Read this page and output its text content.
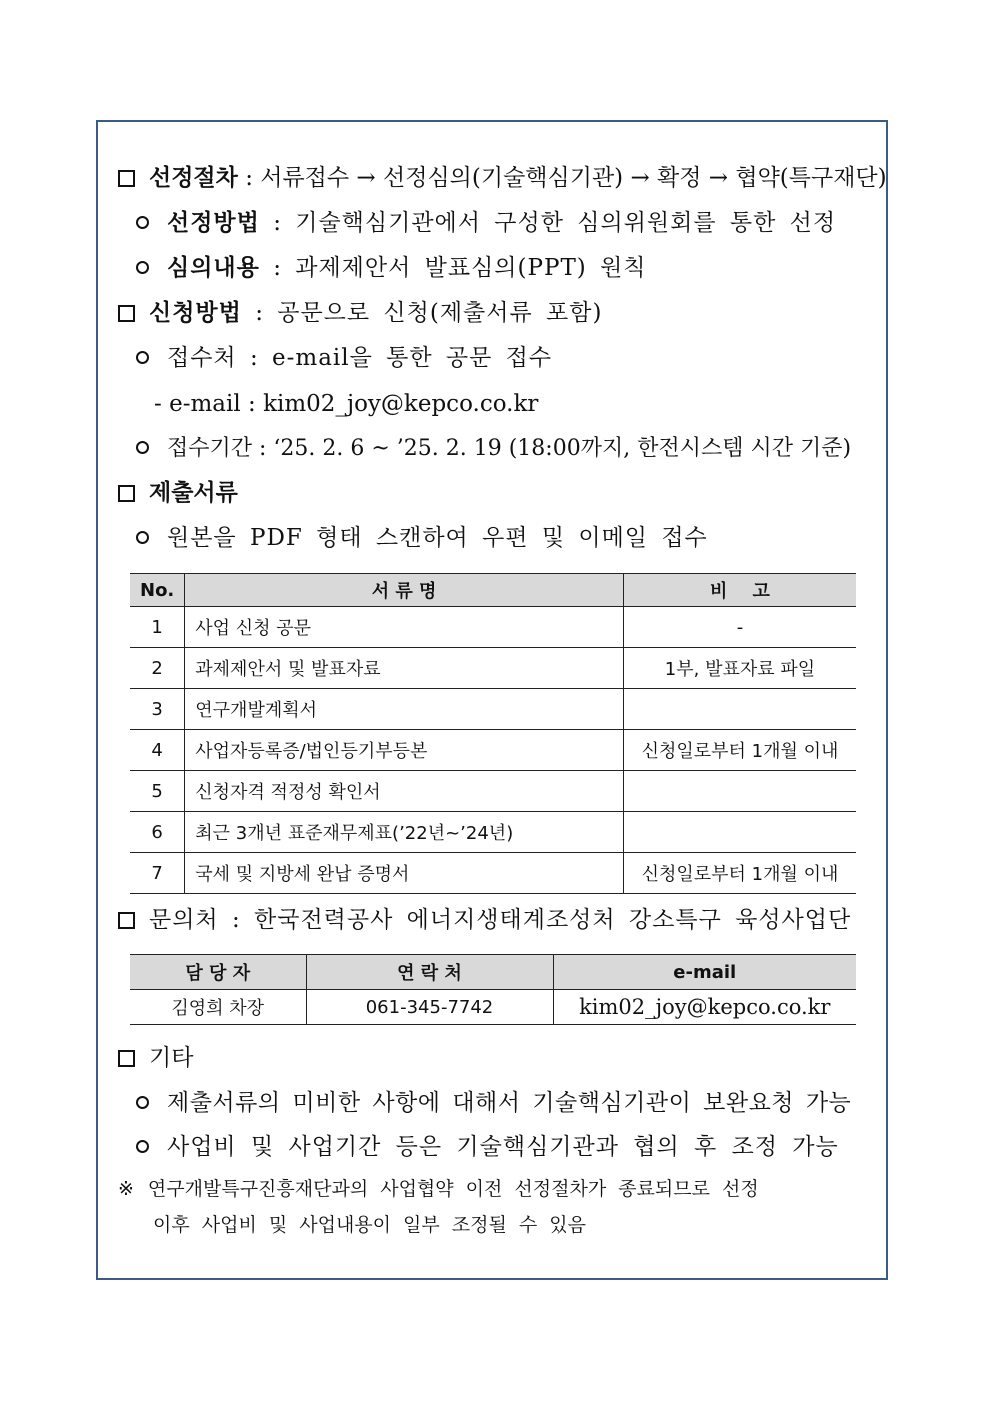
선정절차 : 서류접수 → 선정심의(기술핵심기관) → 확정 → 협약(특구재단)
선정방법 : 기술핵심기관에서 구성한 심의위원회를 통한 선정
심의내용 : 과제제안서 발표심의(PPT) 원칙
신청방법 : 공문으로 신청(제출서류 포함)
접수처 : e-mail을 통한 공문 접수
- e-mail : kim02_joy@kepco.co.kr
접수기간 : ‘25. 2. 6 ~ ’25. 2. 19 (18:00까지, 한전시스템 시간 기준)
제출서류
원본을 PDF 형태 스캔하여 우편 및 이메일 접수
No.	서 류 명	비    고
1	사업 신청 공문	-
2	과제제안서 및 발표자료	1부, 발표자료 파일
3	연구개발계획서	
4	사업자등록증/법인등기부등본	신청일로부터 1개월 이내
5	신청자격 적정성 확인서	
6	최근 3개년 표준재무제표(’22년~’24년)	
7	국세 및 지방세 완납 증명서	신청일로부터 1개월 이내
문의처 : 한국전력공사 에너지생태계조성처 강소특구 육성사업단
담 당 자	연 락 처	e-mail
김영희 차장	061-345-7742	kim02_joy@kepco.co.kr
기타
제출서류의 미비한 사항에 대해서 기술핵심기관이 보완요청 가능
사업비 및 사업기간 등은 기술핵심기관과 협의 후 조정 가능
※ 연구개발특구진흥재단과의 사업협약 이전 선정절차가 종료되므로 선정
이후 사업비 및 사업내용이 일부 조정될 수 있음
